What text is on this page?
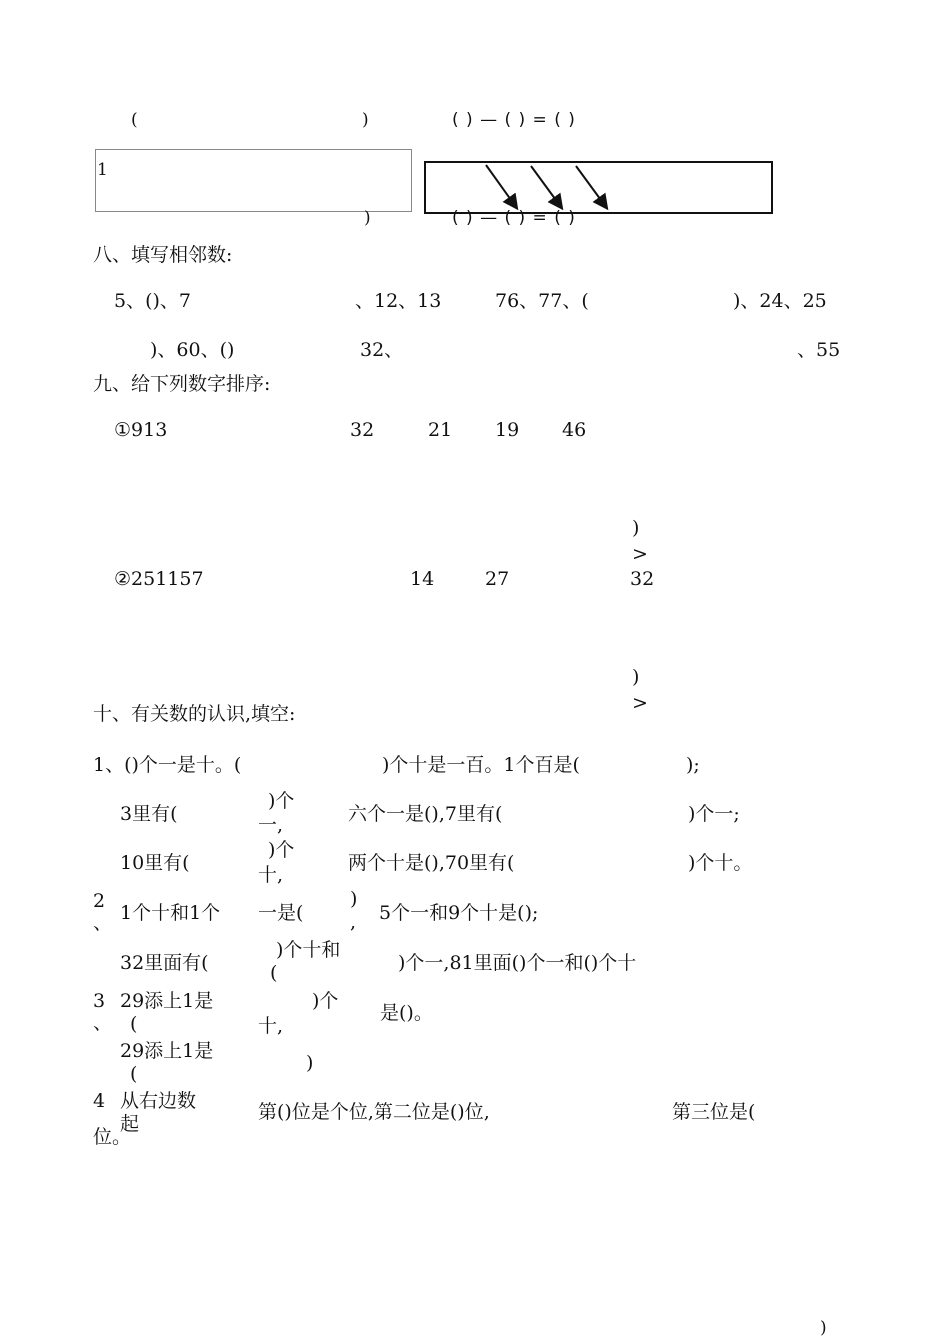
(	)	( ) — ( ) = ( )
1
)	( ) — ( ) = ( )
八、填写相邻数:
5、()、7	、12、13	76、77、(	)、24、25
)、60、()	32、	、55
九、给下列数字排序:
①913	32	21 19 46
)
>
②251157	14	27	32
)
>
十、有关数的认识,填空:
1、()个一是十。(	)个十是一百。1个百是(	);
3里有(
)个
一,	六个一是(),7里有(	)个一;
10里有(
)个
十,
两个十是(),70里有(	)个十。
2
、 1个十和1个 一是(
)
, 5个一和9个十是();
32里面有(
)个十和
(	)个一,81里面()个一和()个十
3
、
29添上1是
(
)个
十,
是()。
29添上1是
(	)
4 从右边数
起
第()位是个位,第二位是()位,	第三位是(
位。
)
